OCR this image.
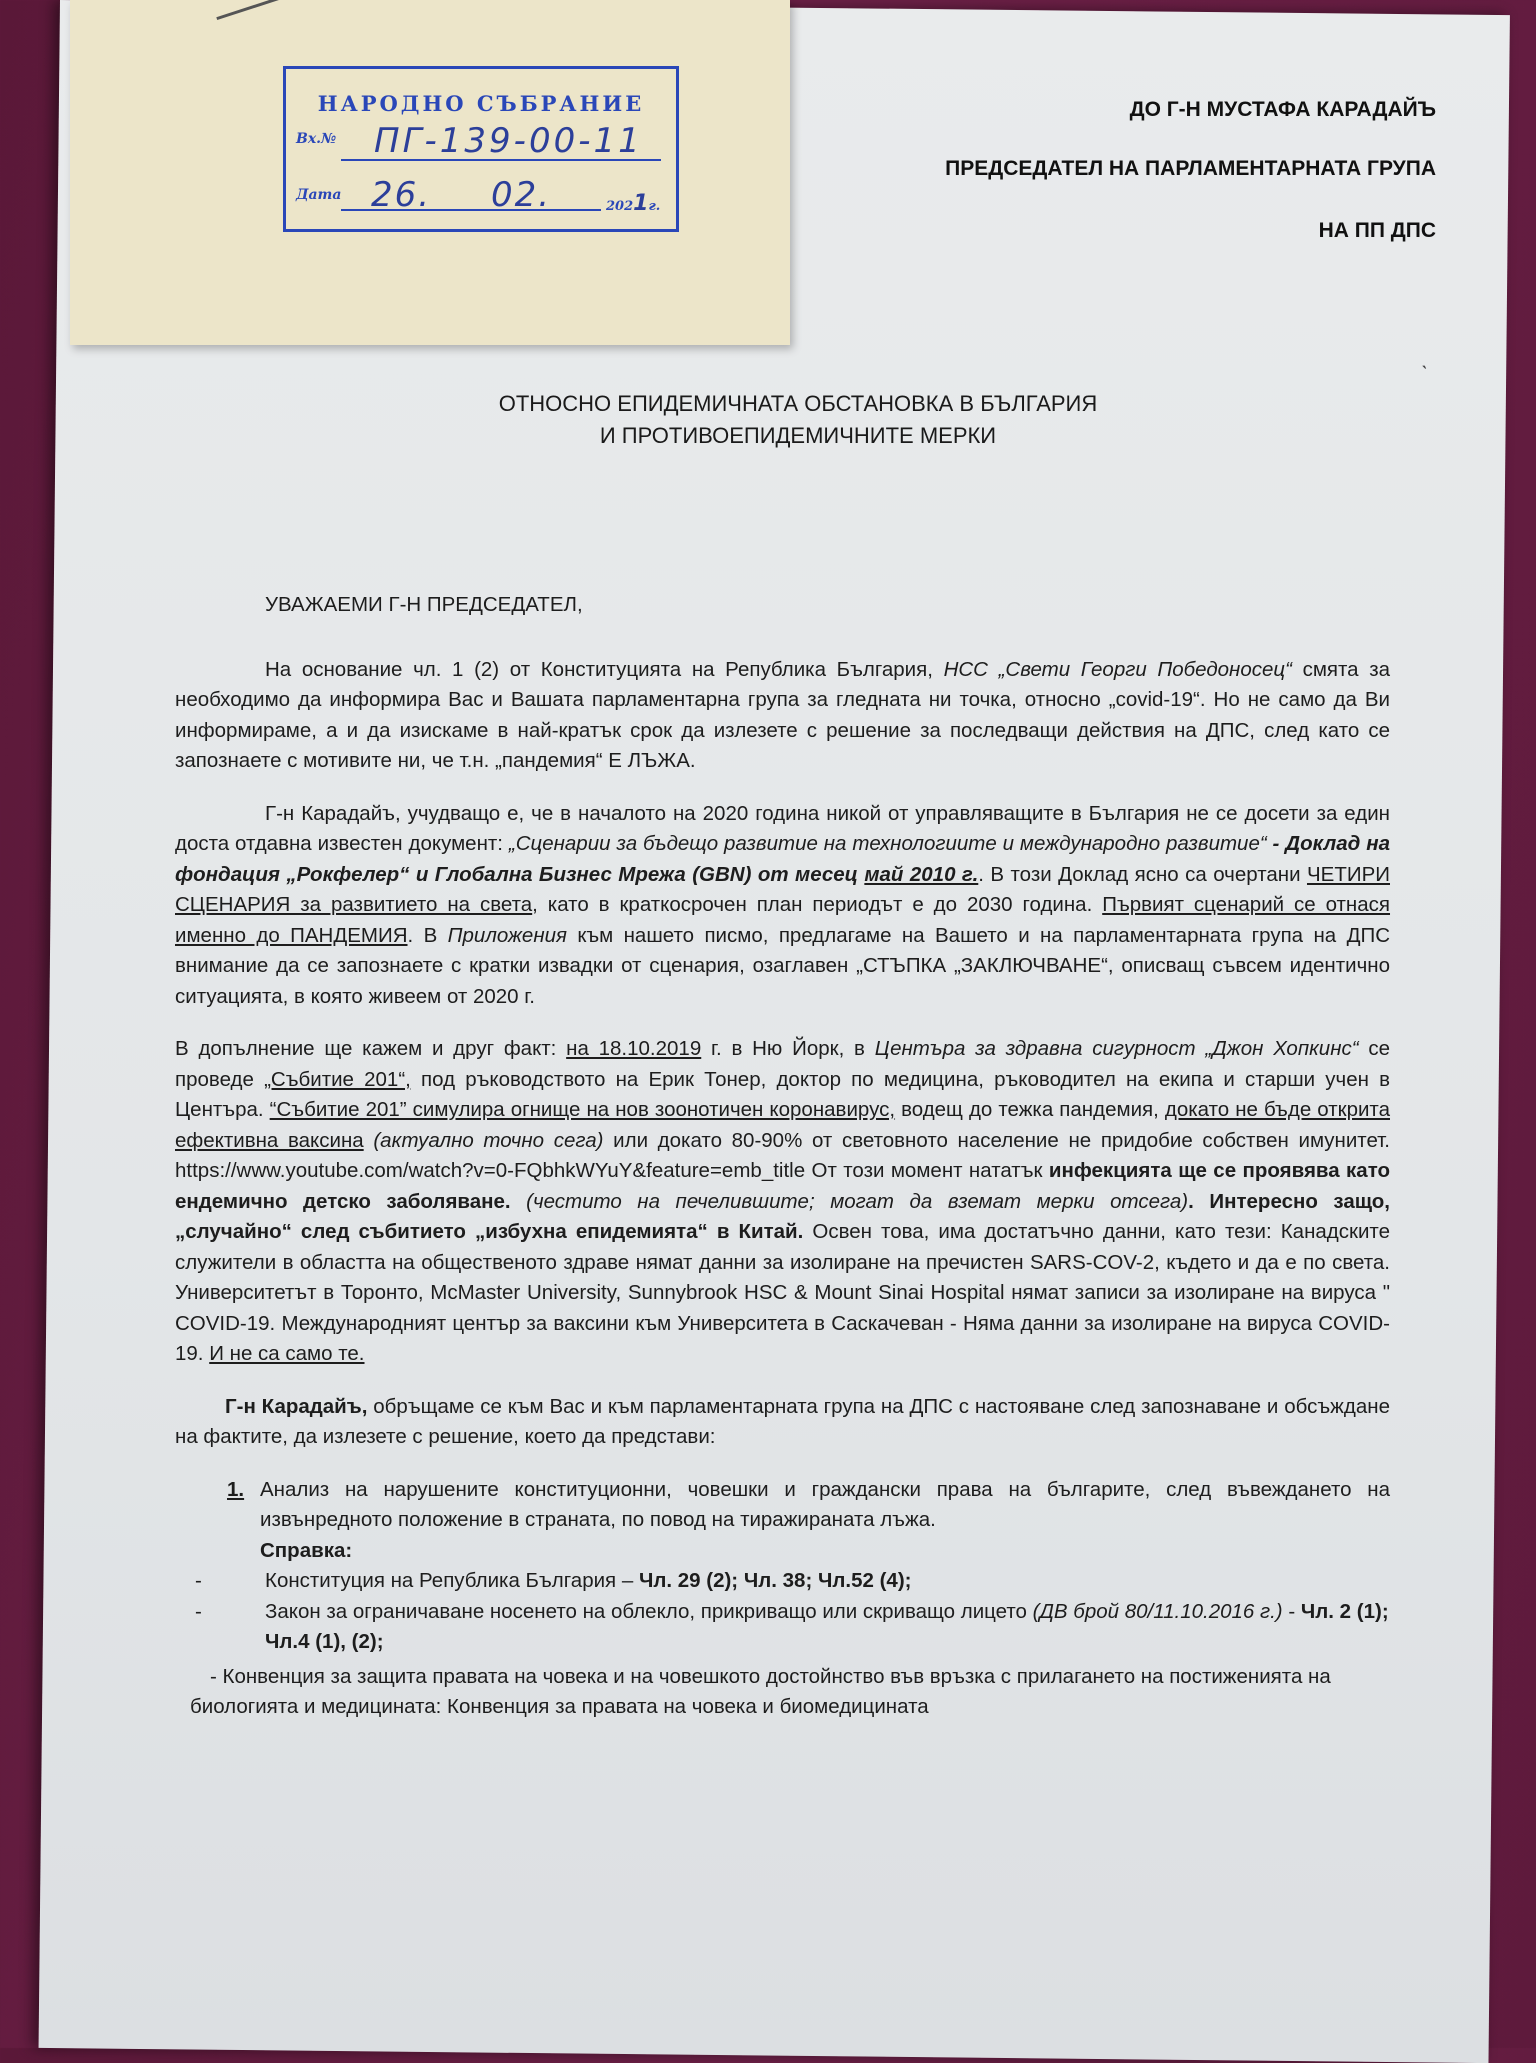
ˎ
НАРОДНО СЪБРАНИЕ
Вх.№ ПГ-139-00-11
Дата 26. 02.	2021г.
ДО Г-Н МУСТАФА КАРАДАЙЪ
ПРЕДСЕДАТЕЛ НА ПАРЛАМЕНТАРНАТА ГРУПА
НА ПП ДПС
ОТНОСНО ЕПИДЕМИЧНАТА ОБСТАНОВКА В БЪЛГАРИЯ
И ПРОТИВОЕПИДЕМИЧНИТЕ МЕРКИ

УВАЖАЕМИ Г-Н ПРЕДСЕДАТЕЛ,

На основание чл. 1 (2) от Конституцията на Република България, НСС „Свети Георги Победоносец“ смята за необходимо да информира Вас и Вашата парламентарна група за гледната ни точка, относно „covid-19“. Но не само да Ви информираме, а и да изискаме в най-кратък срок да излезете с решение за последващи действия на ДПС, след като се запознаете с мотивите ни, че т.н. „пандемия“ Е ЛЪЖА.

Г-н Карадайъ, учудващо е, че в началото на 2020 година никой от управляващите в България не се досети за един доста отдавна известен документ: „Сценарии за бъдещо развитие на технологиите и международно развитие“ - Доклад на фондация „Рокфелер“ и Глобална Бизнес Мрежа (GBN) от месец май 2010 г.. В този Доклад ясно са очертани ЧЕТИРИ СЦЕНАРИЯ за развитието на света, като в краткосрочен план периодът е до 2030 година. Първият сценарий се отнася именно до ПАНДЕМИЯ. В Приложения към нашето писмо, предлагаме на Вашето и на парламентарната група на ДПС внимание да се запознаете с кратки извадки от сценария, озаглавен „СТЪПКА „ЗАКЛЮЧВАНЕ“, описващ съвсем идентично ситуацията, в която живеем от 2020 г.

В допълнение ще кажем и друг факт: на 18.10.2019 г. в Ню Йорк, в Центъра за здравна сигурност „Джон Хопкинс“ се проведе „Събитие 201“, под ръководството на Ерик Тонер, доктор по медицина, ръководител на екипа и старши учен в Центъра. “Събитие 201” симулира огнище на нов зоонотичен коронавирус, водещ до тежка пандемия, докато не бъде открита ефективна ваксина (актуално точно сега) или докато 80-90% от световното население не придобие собствен имунитет. https://www.youtube.com/watch?v=0-FQbhkWYuY&feature=emb_title От този момент нататък инфекцията ще се проявява като ендемично детско заболяване. (честито на печелившите; могат да вземат мерки отсега). Интересно защо, „случайно“ след събитието „избухна епидемията“ в Китай. Освен това, има достатъчно данни, като тези: Канадските служители в областта на общественото здраве нямат данни за изолиране на пречистен SARS-COV-2, където и да е по света. Университетът в Торонто, McMaster University, Sunnybrook HSC & Mount Sinai Hospital нямат записи за изолиране на вируса " COVID-19. Международният център за ваксини към Университета в Саскачеван - Няма данни за изолиране на вируса COVID-19. И не са само те.

Г-н Карадайъ, обръщаме се към Вас и към парламентарната група на ДПС с настояване след запознаване и обсъждане на фактите, да излезете с решение, което да представи:

1. Анализ на нарушените конституционни, човешки и граждански права на българите, след въвеждането на извънредното положение в страната, по повод на тиражираната лъжа.
Справка:
-	Конституция на Република България – Чл. 29 (2); Чл. 38; Чл.52 (4);
-	Закон за ограничаване носенето на облекло, прикриващо или скриващо лицето (ДВ брой 80/11.10.2016 г.) - Чл. 2 (1); Чл.4 (1), (2);
- Конвенция за защита правата на човека и на човешкото достойнство във връзка с прилагането на постиженията на биологията и медицината: Конвенция за правата на човека и биомедицината
